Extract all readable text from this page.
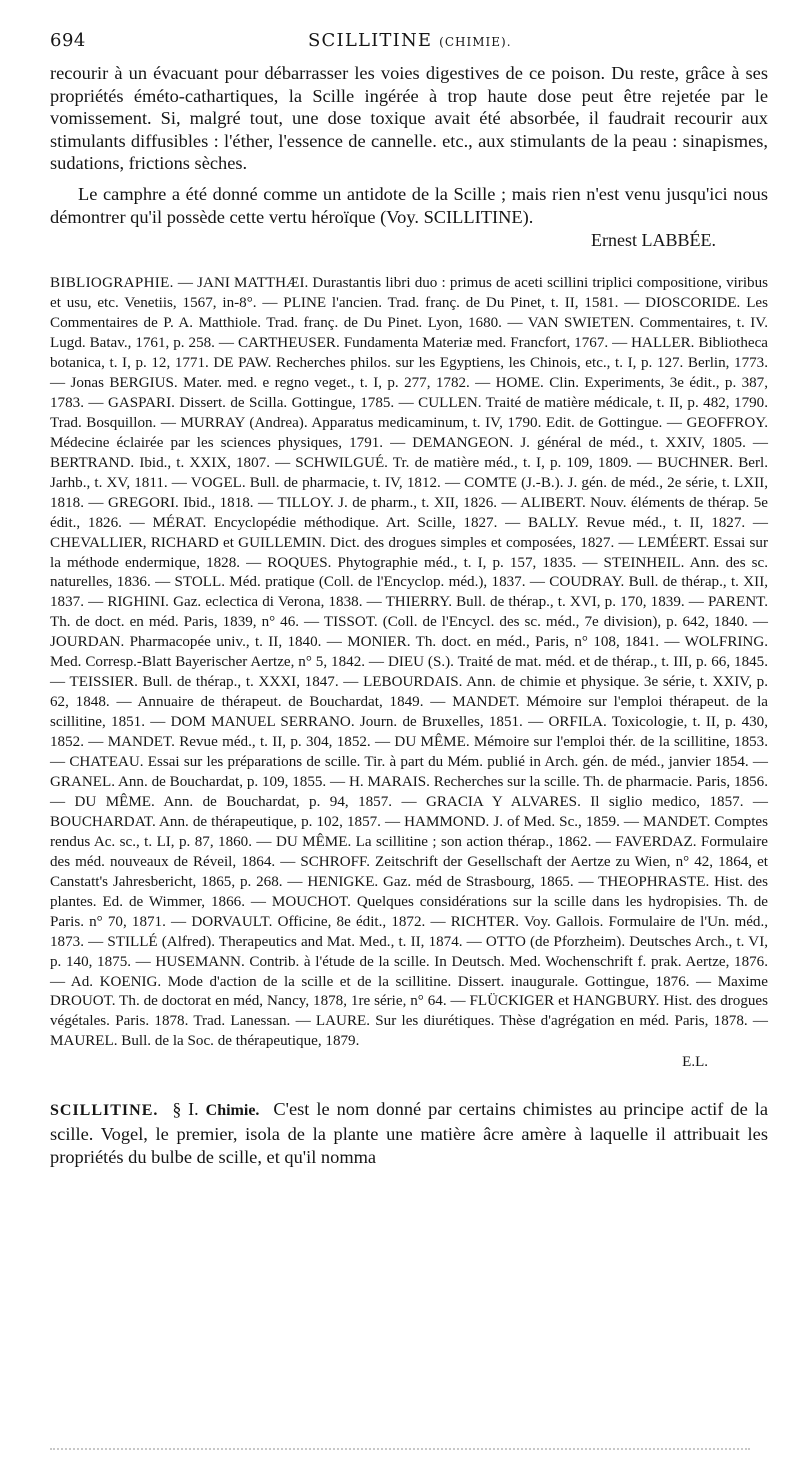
694	SCILLITINE (CHIMIE).

recourir à un évacuant pour débarrasser les voies digestives de ce poison. Du reste, grâce à ses propriétés éméto-cathartiques, la Scille ingérée à trop haute dose peut être rejetée par le vomissement. Si, malgré tout, une dose toxique avait été absorbée, il faudrait recourir aux stimulants diffusibles : l'éther, l'essence de cannelle. etc., aux stimulants de la peau : sinapismes, sudations, frictions sèches.

Le camphre a été donné comme un antidote de la Scille ; mais rien n'est venu jusqu'ici nous démontrer qu'il possède cette vertu héroïque (Voy. SCILLITINE).

Ernest LABBÉE.

BIBLIOGRAPHIE. — JANI MATTHÆI. Durastantis libri duo : primus de aceti scillini triplici compositione, viribus et usu, etc. Venetiis, 1567, in-8°. — PLINE l'ancien. Trad. franç. de Du Pinet, t. II, 1581. — DIOSCORIDE. Les Commentaires de P. A. Matthiole. Trad. franç. de Du Pinet. Lyon, 1680. — VAN SWIETEN. Commentaires, t. IV. Lugd. Batav., 1761, p. 258. — CARTHEUSER. Fundamenta Materiæ med. Francfort, 1767. — HALLER. Bibliotheca botanica, t. I, p. 12, 1771. DE PAW. Recherches philos. sur les Egyptiens, les Chinois, etc., t. I, p. 127. Berlin, 1773. — Jonas BERGIUS. Mater. med. e regno veget., t. I, p. 277, 1782. — HOME. Clin. Experiments, 3e édit., p. 387, 1783. — GASPARI. Dissert. de Scilla. Gottingue, 1785. — CULLEN. Traité de matière médicale, t. II, p. 482, 1790. Trad. Bosquillon. — MURRAY (Andrea). Apparatus medicaminum, t. IV, 1790. Edit. de Gottingue. — GEOFFROY. Médecine éclairée par les sciences physiques, 1791. — DEMANGEON. J. général de méd., t. XXIV, 1805. — BERTRAND. Ibid., t. XXIX, 1807. — SCHWILGUÉ. Tr. de matière méd., t. I, p. 109, 1809. — BUCHNER. Berl. Jarhb., t. XV, 1811. — VOGEL. Bull. de pharmacie, t. IV, 1812. — COMTE (J.-B.). J. gén. de méd., 2e série, t. LXII, 1818. — GREGORI. Ibid., 1818. — TILLOY. J. de pharm., t. XII, 1826. — ALIBERT. Nouv. éléments de thérap. 5e édit., 1826. — MÉRAT. Encyclopédie méthodique. Art. Scille, 1827. — BALLY. Revue méd., t. II, 1827. — CHEVALLIER, RICHARD et GUILLEMIN. Dict. des drogues simples et composées, 1827. — LEMÉERT. Essai sur la méthode endermique, 1828. — ROQUES. Phytographie méd., t. I, p. 157, 1835. — STEINHEIL. Ann. des sc. naturelles, 1836. — STOLL. Méd. pratique (Coll. de l'Encyclop. méd.), 1837. — COUDRAY. Bull. de thérap., t. XII, 1837. — RIGHINI. Gaz. eclectica di Verona, 1838. — THIERRY. Bull. de thérap., t. XVI, p. 170, 1839. — PARENT. Th. de doct. en méd. Paris, 1839, n° 46. — TISSOT. (Coll. de l'Encycl. des sc. méd., 7e division), p. 642, 1840. — JOURDAN. Pharmacopée univ., t. II, 1840. — MONIER. Th. doct. en méd., Paris, n° 108, 1841. — WOLFRING. Med. Corresp.-Blatt Bayerischer Aertze, n° 5, 1842. — DIEU (S.). Traité de mat. méd. et de thérap., t. III, p. 66, 1845. — TEISSIER. Bull. de thérap., t. XXXI, 1847. — LEBOURDAIS. Ann. de chimie et physique. 3e série, t. XXIV, p. 62, 1848. — Annuaire de thérapeut. de Bouchardat, 1849. — MANDET. Mémoire sur l'emploi thérapeut. de la scillitine, 1851. — DOM MANUEL SERRANO. Journ. de Bruxelles, 1851. — ORFILA. Toxicologie, t. II, p. 430, 1852. — MANDET. Revue méd., t. II, p. 304, 1852. — DU MÊME. Mémoire sur l'emploi thér. de la scillitine, 1853. — CHATEAU. Essai sur les préparations de scille. Tir. à part du Mém. publié in Arch. gén. de méd., janvier 1854. — GRANEL. Ann. de Bouchardat, p. 109, 1855. — H. MARAIS. Recherches sur la scille. Th. de pharmacie. Paris, 1856. — DU MÊME. Ann. de Bouchardat, p. 94, 1857. — GRACIA Y ALVARES. Il siglio medico, 1857. — BOUCHARDAT. Ann. de thérapeutique, p. 102, 1857. — HAMMOND. J. of Med. Sc., 1859. — MANDET. Comptes rendus Ac. sc., t. LI, p. 87, 1860. — DU MÊME. La scillitine ; son action thérap., 1862. — FAVERDAZ. Formulaire des méd. nouveaux de Réveil, 1864. — SCHROFF. Zeitschrift der Gesellschaft der Aertze zu Wien, n° 42, 1864, et Canstatt's Jahresbericht, 1865, p. 268. — HENIGKE. Gaz. méd de Strasbourg, 1865. — THEOPHRASTE. Hist. des plantes. Ed. de Wimmer, 1866. — MOUCHOT. Quelques considérations sur la scille dans les hydropisies. Th. de Paris. n° 70, 1871. — DORVAULT. Officine, 8e édit., 1872. — RICHTER. Voy. Gallois. Formulaire de l'Un. méd., 1873. — STILLÉ (Alfred). Therapeutics and Mat. Med., t. II, 1874. — OTTO (de Pforzheim). Deutsches Arch., t. VI, p. 140, 1875. — HUSEMANN. Contrib. à l'étude de la scille. In Deutsch. Med. Wochenschrift f. prak. Aertze, 1876. — Ad. KOENIG. Mode d'action de la scille et de la scillitine. Dissert. inaugurale. Gottingue, 1876. — Maxime DROUOT. Th. de doctorat en méd, Nancy, 1878, 1re série, n° 64. — FLÜCKIGER et HANGBURY. Hist. des drogues végétales. Paris. 1878. Trad. Lanessan. — LAURE. Sur les diurétiques. Thèse d'agrégation en méd. Paris, 1878. — MAUREL. Bull. de la Soc. de thérapeutique, 1879.

E.L.

SCILLITINE. § I. Chimie. C'est le nom donné par certains chimistes au principe actif de la scille. Vogel, le premier, isola de la plante une matière âcre amère à laquelle il attribuait les propriétés du bulbe de scille, et qu'il nomma
